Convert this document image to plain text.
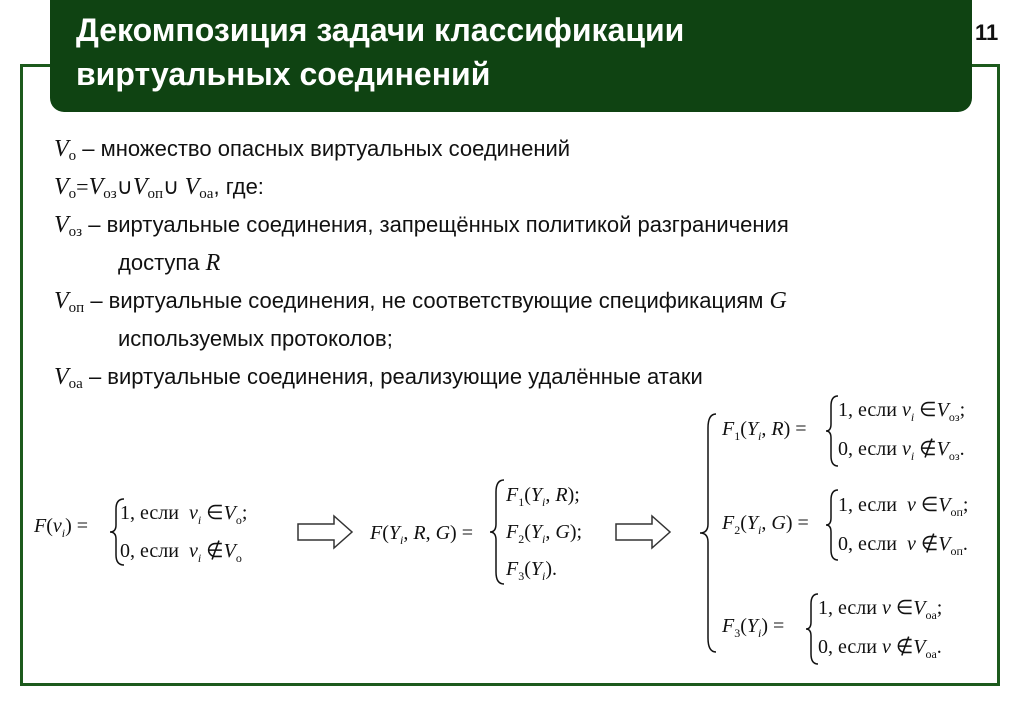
Декомпозиция задачи классификации
виртуальных соединений
11
$V_о$ – множество опасных виртуальных соединений
$V_о=V_{оз}\cup V_{оп}\cup$ $V_{оа}$, где:
$V_{оз}$ – виртуальные соединения, запрещённых политикой разграничения
доступа R
$V_{оп}$ – виртуальные соединения, не соответствующие спецификациям G
используемых протоколов;
$V_{оа}$ – виртуальные соединения, реализующие удалённые атаки
$F(v_i)$ =
1, если $v_i$ $\in V_о$;
0, если $v_i$ $\notin V_о$
$F(Y_i$, R, G) =
$F_1(Y_i$, R);
$F_2(Y_i$, G);
$F_3(Y_i)$.
$F_1(Y_i$, R) =
1, если $v_i$ $\in V_{оз}$;
0, если $v_i$ $\notin V_{оз}$.
$F_2(Y_i$, G) =
1, если  v $\in V_{оп}$;
0, если  v $\notin V_{оп}$.
$F_3(Y_i)$ =
1, если v $\in V_{оа}$;
0, если v $\notin V_{оа}$.
